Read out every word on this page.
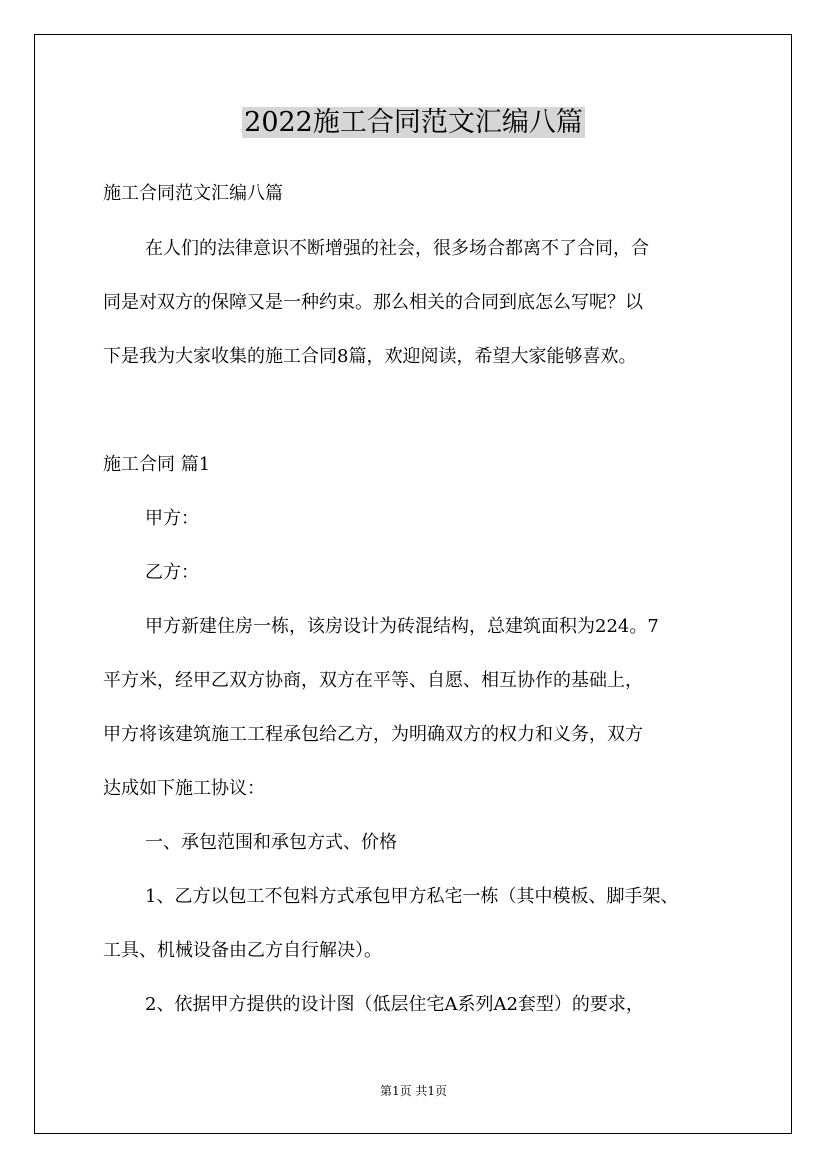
2022施工合同范文汇编八篇
施工合同范文汇编八篇
在人们的法律意识不断增强的社会，很多场合都离不了合同，合
同是对双方的保障又是一种约束。那么相关的合同到底怎么写呢？以
下是我为大家收集的施工合同8篇，欢迎阅读，希望大家能够喜欢。
施工合同 篇1
甲方：
乙方：
甲方新建住房一栋，该房设计为砖混结构，总建筑面积为224。7
平方米，经甲乙双方协商，双方在平等、自愿、相互协作的基础上，
甲方将该建筑施工工程承包给乙方，为明确双方的权力和义务，双方
达成如下施工协议：
一、承包范围和承包方式、价格
1、乙方以包工不包料方式承包甲方私宅一栋（其中模板、脚手架、
工具、机械设备由乙方自行解决）。
2、依据甲方提供的设计图（低层住宅A系列A2套型）的要求，
第1页 共1页
